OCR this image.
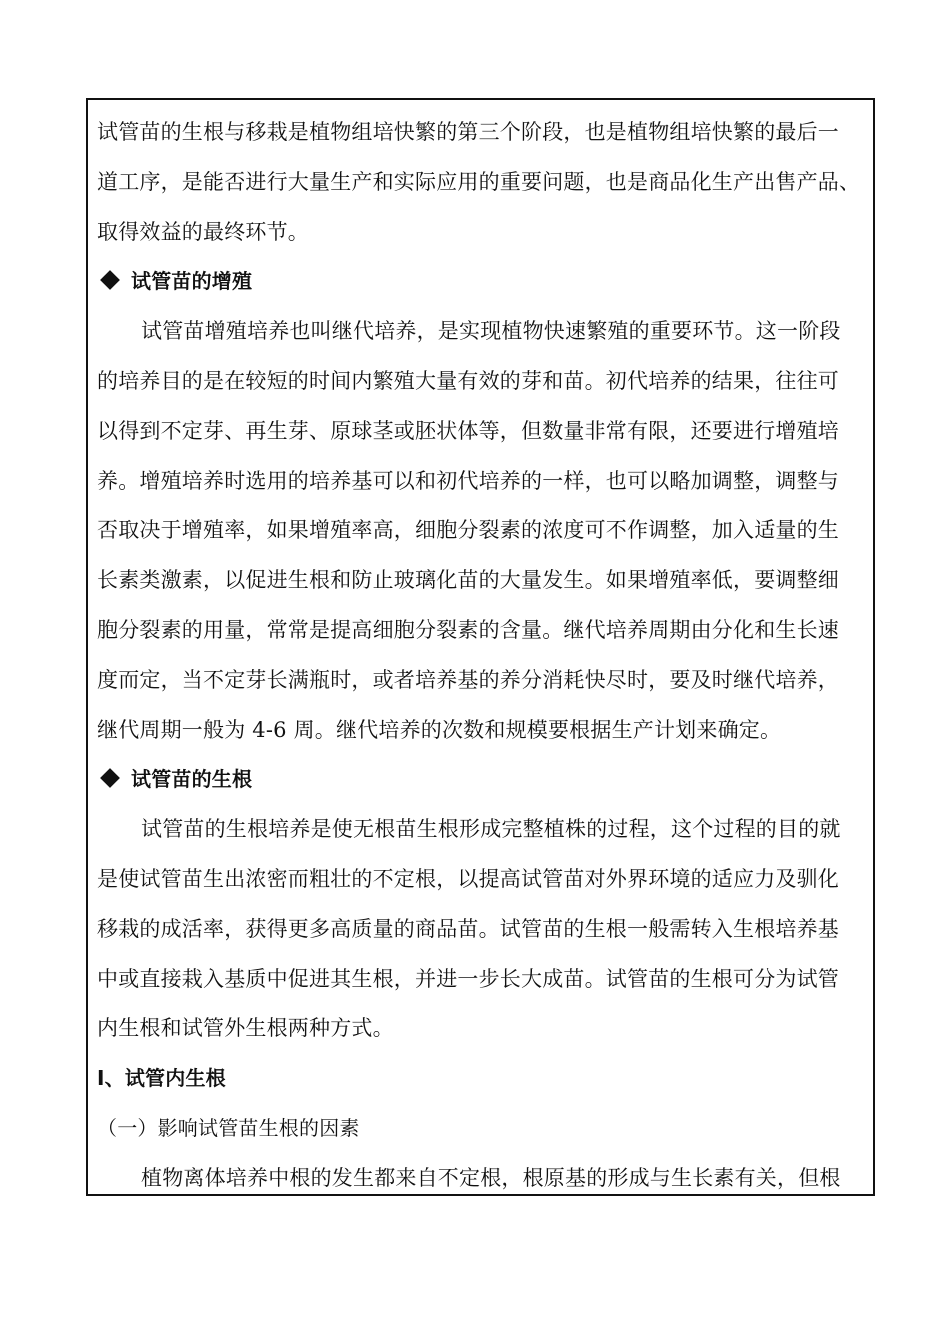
试管苗的生根与移栽是植物组培快繁的第三个阶段，也是植物组培快繁的最后一
道工序，是能否进行大量生产和实际应用的重要问题，也是商品化生产出售产品、
取得效益的最终环节。
试管苗的增殖
试管苗增殖培养也叫继代培养，是实现植物快速繁殖的重要环节。这一阶段
的培养目的是在较短的时间内繁殖大量有效的芽和苗。初代培养的结果，往往可
以得到不定芽、再生芽、原球茎或胚状体等，但数量非常有限，还要进行增殖培
养。增殖培养时选用的培养基可以和初代培养的一样，也可以略加调整，调整与
否取决于增殖率，如果增殖率高，细胞分裂素的浓度可不作调整，加入适量的生
长素类激素，以促进生根和防止玻璃化苗的大量发生。如果增殖率低，要调整细
胞分裂素的用量，常常是提高细胞分裂素的含量。继代培养周期由分化和生长速
度而定，当不定芽长满瓶时，或者培养基的养分消耗快尽时，要及时继代培养，
继代周期一般为 4-6 周。继代培养的次数和规模要根据生产计划来确定。
试管苗的生根
试管苗的生根培养是使无根苗生根形成完整植株的过程，这个过程的目的就
是使试管苗生出浓密而粗壮的不定根，以提高试管苗对外界环境的适应力及驯化
移栽的成活率，获得更多高质量的商品苗。试管苗的生根一般需转入生根培养基
中或直接栽入基质中促进其生根，并进一步长大成苗。试管苗的生根可分为试管
内生根和试管外生根两种方式。
Ⅰ、试管内生根
（一）影响试管苗生根的因素
植物离体培养中根的发生都来自不定根，根原基的形成与生长素有关，但根
